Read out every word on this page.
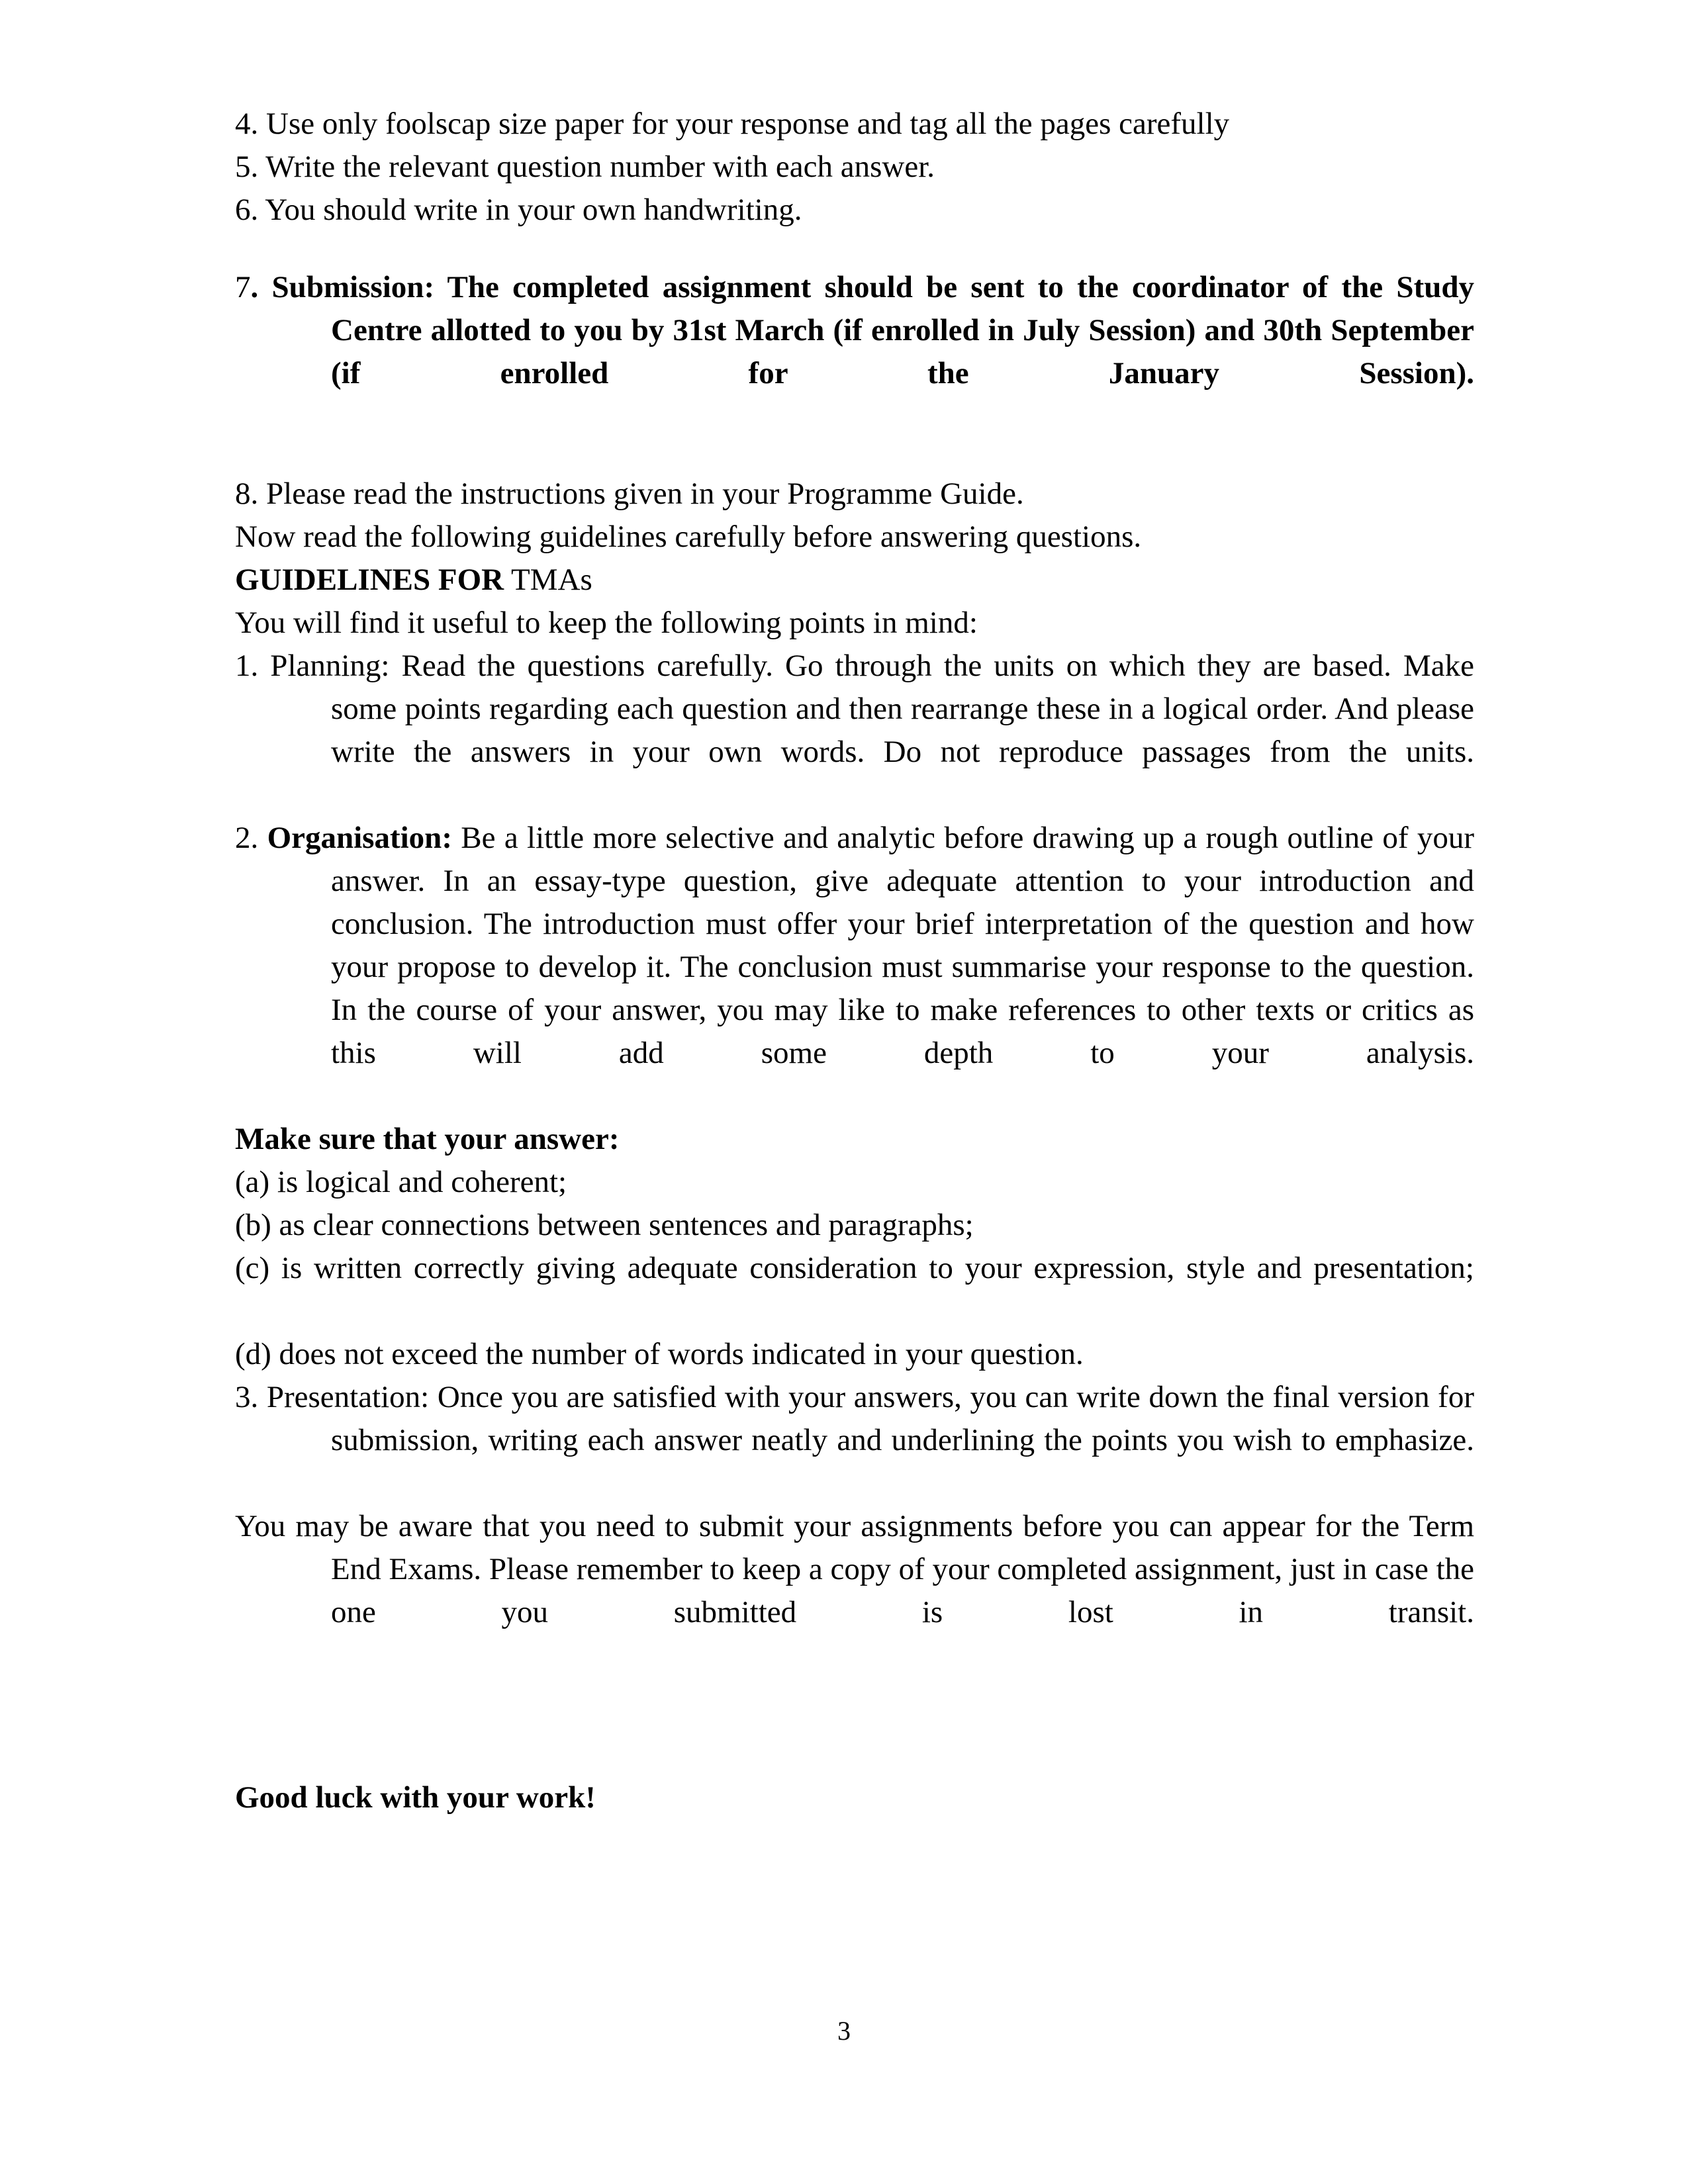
4. Use only foolscap size paper for your response and tag all the pages carefully
5. Write the relevant question number with each answer.
6. You should write in your own handwriting.
7. Submission: The completed assignment should be sent to the coordinator of the Study Centre allotted to you by 31st March (if enrolled in July Session) and 30th September (if enrolled for the January Session).
8. Please read the instructions given in your Programme Guide.
Now read the following guidelines carefully before answering questions.
GUIDELINES FOR TMAs
You will find it useful to keep the following points in mind:
1. Planning: Read the questions carefully. Go through the units on which they are based. Make some points regarding each question and then rearrange these in a logical order. And please write the answers in your own words. Do not reproduce passages from the units.
2. Organisation: Be a little more selective and analytic before drawing up a rough outline of your answer. In an essay-type question, give adequate attention to your introduction and conclusion. The introduction must offer your brief interpretation of the question and how your propose to develop it. The conclusion must summarise your response to the question. In the course of your answer, you may like to make references to other texts or critics as this will add some depth to your analysis.
Make sure that your answer:
(a) is logical and coherent;
(b) as clear connections between sentences and paragraphs;
(c) is written correctly giving adequate consideration to your expression, style and presentation;
(d) does not exceed the number of words indicated in your question.
3. Presentation: Once you are satisfied with your answers, you can write down the final version for submission, writing each answer neatly and underlining the points you wish to emphasize.
You may be aware that you need to submit your assignments before you can appear for the Term End Exams. Please remember to keep a copy of your completed assignment, just in case the one you submitted is lost in transit.
Good luck with your work!
3
